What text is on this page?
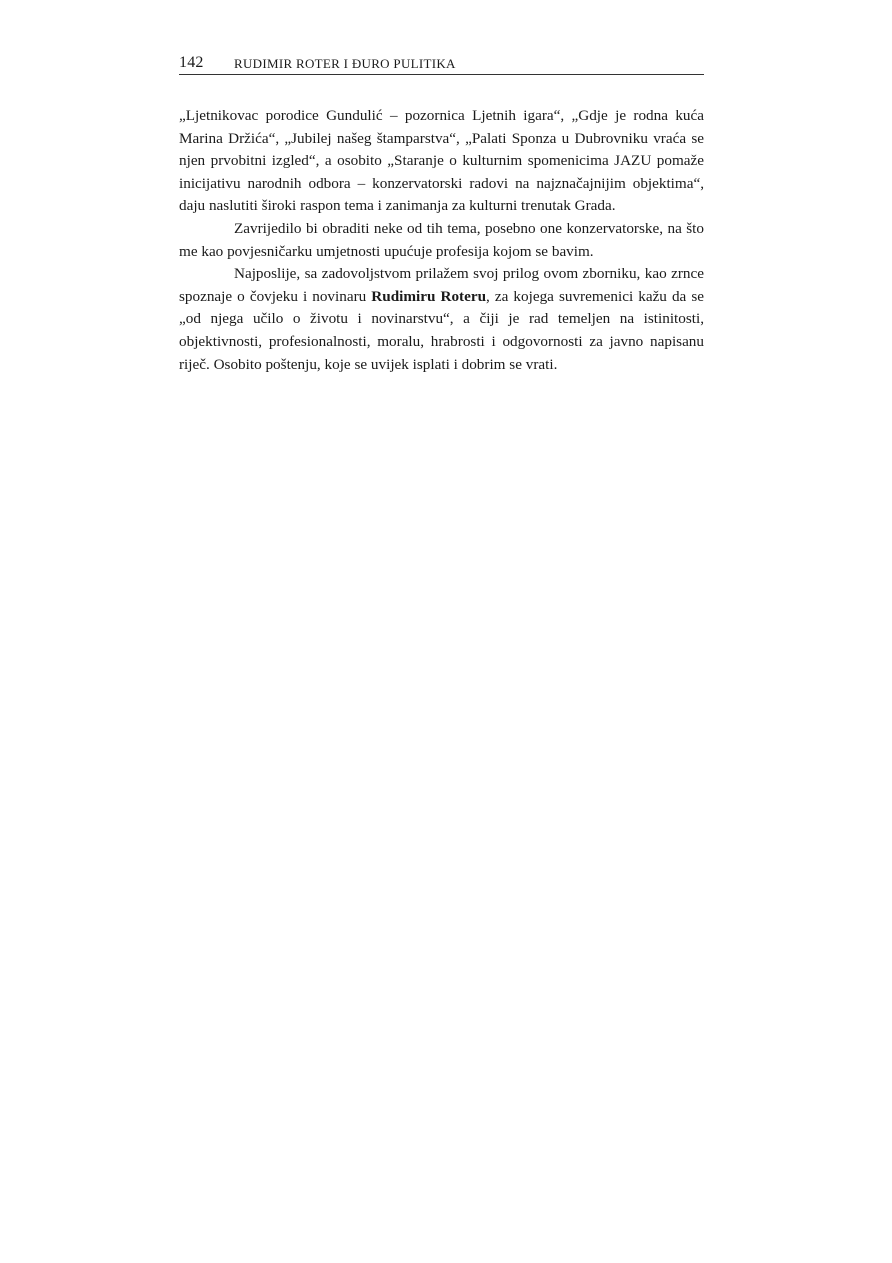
142 RUDIMIR ROTER I ĐURO PULITIKA

„Ljetnikovac porodice Gundulić – pozornica Ljetnih igara“, „Gdje je rodna kuća Marina Držića“, „Jubilej našeg štamparstva“, „Palati Sponza u Dubrovniku vraća se njen prvobitni izgled“, a osobito „Staranje o kulturnim spomenicima JAZU pomaže inicijativu narodnih odbora – konzervatorski radovi na najznačajnijim objektima“, daju naslutiti široki raspon tema i zanimanja za kulturni trenutak Grada.

Zavrijedilo bi obraditi neke od tih tema, posebno one konzervatorske, na što me kao povjesničarku umjetnosti upućuje profesija kojom se bavim.

Najposlije, sa zadovoljstvom prilažem svoj prilog ovom zborniku, kao zrnce spoznaje o čovjeku i novinaru Rudimiru Roteru, za kojega suvremenici kažu da se „od njega učilo o životu i novinarstvu“, a čiji je rad temeljen na istinitosti, objektivnosti, profesionalnosti, moralu, hrabrosti i odgovornosti za javno napisanu riječ. Osobito poštenju, koje se uvijek isplati i dobrim se vrati.
